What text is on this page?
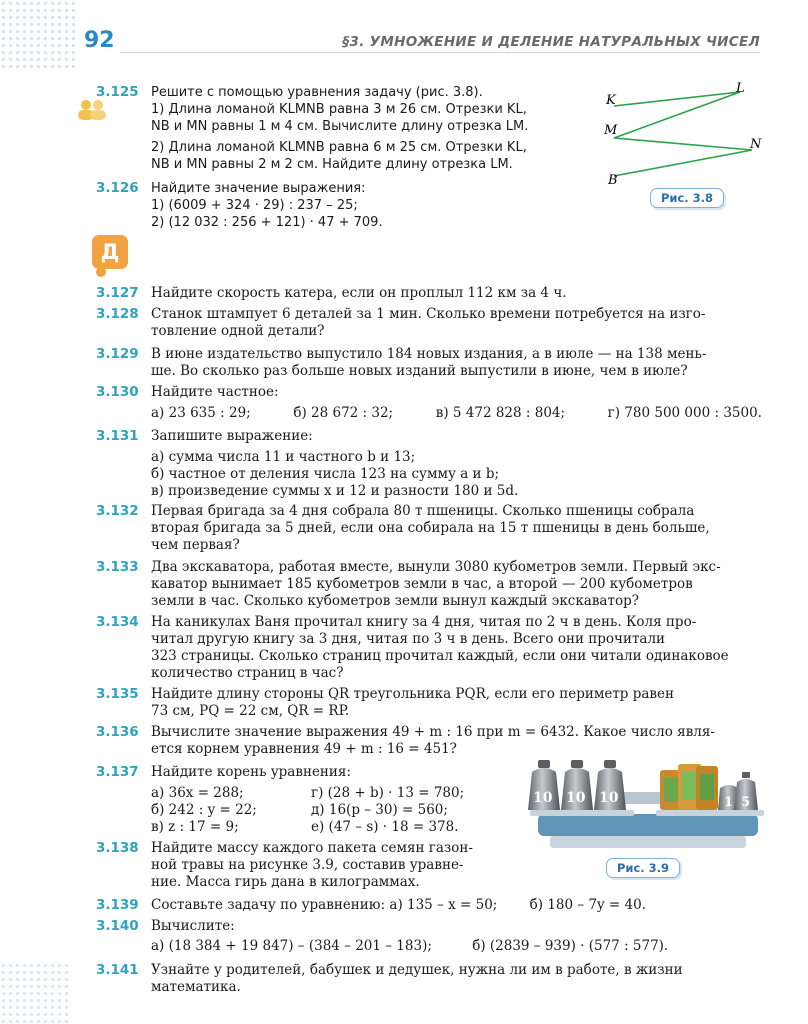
92	§3. УМНОЖЕНИЕ И ДЕЛЕНИЕ НАТУРАЛЬНЫХ ЧИСЕЛ
3.125 Решите с помощью уравнения задачу (рис. 3.8).
1) Длина ломаной KLMNB равна 3 м 26 см. Отрезки KL,
NB и MN равны 1 м 4 см. Вычислите длину отрезка LM.
2) Длина ломаной KLMNB равна 6 м 25 см. Отрезки KL,
NB и MN равны 2 м 2 см. Найдите длину отрезка LM.
K
L
M
N
B
Рис. 3.8
3.126 Найдите значение выражения:
1) (6009 + 324 · 29) : 237 – 25;
2) (12 032 : 256 + 121) · 47 + 709.
Д
3.127 Найдите скорость катера, если он проплыл 112 км за 4 ч.
3.128 Станок штампует 6 деталей за 1 мин. Сколько времени потребуется на изго-
товление одной детали?
3.129 В июне издательство выпустило 184 новых издания, а в июле — на 138 мень-
ше. Во сколько раз больше новых изданий выпустили в июне, чем в июле?
3.130 Найдите частное:
а) 23 635 : 29;	б) 28 672 : 32;	в) 5 472 828 : 804;	г) 780 500 000 : 3500.
3.131 Запишите выражение:
а) сумма числа 11 и частного b и 13;
б) частное от деления числа 123 на сумму a и b;
в) произведение суммы x и 12 и разности 180 и 5d.
3.132 Первая бригада за 4 дня собрала 80 т пшеницы. Сколько пшеницы собрала
вторая бригада за 5 дней, если она собирала на 15 т пшеницы в день больше,
чем первая?
3.133 Два экскаватора, работая вместе, вынули 3080 кубометров земли. Первый экс-
каватор вынимает 185 кубометров земли в час, а второй — 200 кубометров
земли в час. Сколько кубометров земли вынул каждый экскаватор?
3.134 На каникулах Ваня прочитал книгу за 4 дня, читая по 2 ч в день. Коля про-
читал другую книгу за 3 дня, читая по 3 ч в день. Всего они прочитали
323 страницы. Сколько страниц прочитал каждый, если они читали одинаковое
количество страниц в час?
3.135 Найдите длину стороны QR треугольника PQR, если его периметр равен
73 см, PQ = 22 см, QR = RP.
3.136 Вычислите значение выражения 49 + m : 16 при m = 6432. Какое число явля-
ется корнем уравнения 49 + m : 16 = 451?
3.137 Найдите корень уравнения:
а) 36x = 288;	г) (28 + b) · 13 = 780;
б) 242 : y = 22;	д) 16(p – 30) = 560;
в) z : 17 = 9;	е) (47 – s) · 18 = 378.
3.138 Найдите массу каждого пакета семян газон-
ной травы на рисунке 3.9, составив уравне-
ние. Масса гирь дана в килограммах.
10 10 10	1 5
Рис. 3.9
3.139 Составьте задачу по уравнению: а) 135 – x = 50; б) 180 – 7y = 40.
3.140 Вычислите:
а) (18 384 + 19 847) – (384 – 201 – 183);	б) (2839 – 939) · (577 : 577).
3.141 Узнайте у родителей, бабушек и дедушек, нужна ли им в работе, в жизни
математика.
